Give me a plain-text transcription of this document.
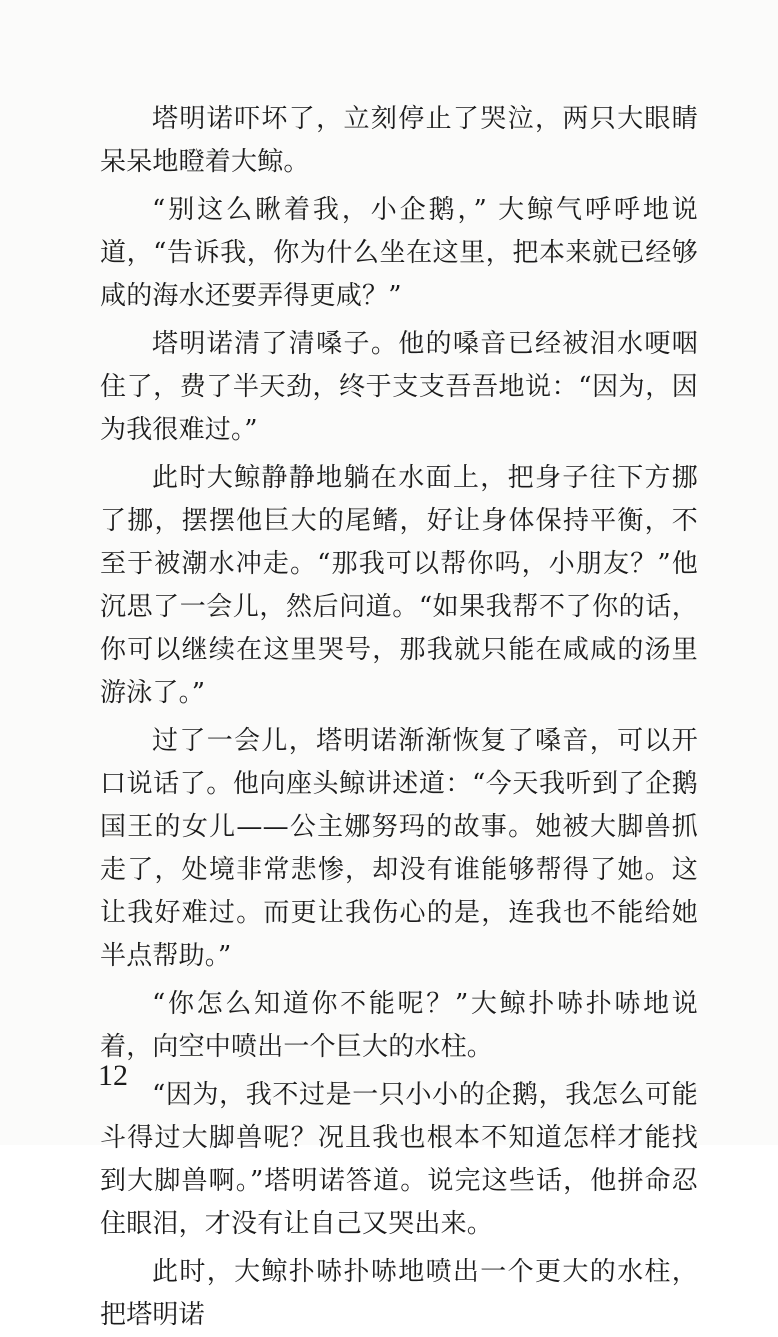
塔明诺吓坏了，立刻停止了哭泣，两只大眼睛呆呆地瞪着大鲸。

“别这么瞅着我，小企鹅，” 大鲸气呼呼地说道，“告诉我，你为什么坐在这里，把本来就已经够咸的海水还要弄得更咸？”

塔明诺清了清嗓子。他的嗓音已经被泪水哽咽住了，费了半天劲，终于支支吾吾地说：“因为，因为我很难过。”

此时大鲸静静地躺在水面上，把身子往下方挪了挪，摆摆他巨大的尾鳍，好让身体保持平衡，不至于被潮水冲走。“那我可以帮你吗，小朋友？”他沉思了一会儿，然后问道。“如果我帮不了你的话，你可以继续在这里哭号，那我就只能在咸咸的汤里游泳了。”

过了一会儿，塔明诺渐渐恢复了嗓音，可以开口说话了。他向座头鲸讲述道：“今天我听到了企鹅国王的女儿——公主娜努玛的故事。她被大脚兽抓走了，处境非常悲惨，却没有谁能够帮得了她。这让我好难过。而更让我伤心的是，连我也不能给她半点帮助。”

“你怎么知道你不能呢？”大鲸扑哧扑哧地说着，向空中喷出一个巨大的水柱。

“因为，我不过是一只小小的企鹅，我怎么可能斗得过大脚兽呢？况且我也根本不知道怎样才能找到大脚兽啊。”塔明诺答道。说完这些话，他拼命忍住眼泪，才没有让自己又哭出来。

此时，大鲸扑哧扑哧地喷出一个更大的水柱，把塔明诺

12
